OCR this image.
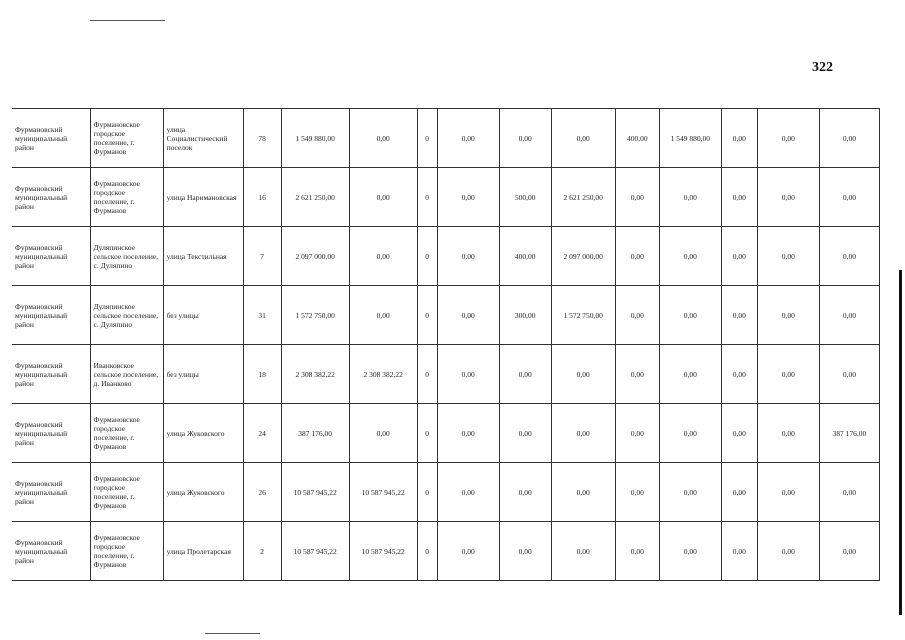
322
Фурмановский муниципальный район	Фурмановское городское поселение, г. Фурманов	улица Социалистический поселок	78	1 549 880,00	0,00	0	0,00	0,00	0,00	400,00	1 549 880,00	0,00	0,00	0,00
Фурмановский муниципальный район	Фурмановское городское поселение, г. Фурманов	улица Наримановская	16	2 621 250,00	0,00	0	0,00	500,00	2 621 250,00	0,00	0,00	0,00	0,00	0,00
Фурмановский муниципальный район	Дуляпинское сельское поселение, с. Дуляпино	улица Текстильная	7	2 097 000,00	0,00	0	0,00	400,00	2 097 000,00	0,00	0,00	0,00	0,00	0,00
Фурмановский муниципальный район	Дуляпинское сельское поселение, с. Дуляпино	без улицы	31	1 572 750,00	0,00	0	0,00	300,00	1 572 750,00	0,00	0,00	0,00	0,00	0,00
Фурмановский муниципальный район	Иванковское сельское поселение, д. Иванково	без улицы	18	2 308 382,22	2 308 382,22	0	0,00	0,00	0,00	0,00	0,00	0,00	0,00	0,00
Фурмановский муниципальный район	Фурмановское городское поселение, г. Фурманов	улица Жуковского	24	387 176,00	0,00	0	0,00	0,00	0,00	0,00	0,00	0,00	0,00	387 176,00
Фурмановский муниципальный район	Фурмановское городское поселение, г. Фурманов	улица Жуковского	26	10 587 945,22	10 587 945,22	0	0,00	0,00	0,00	0,00	0,00	0,00	0,00	0,00
Фурмановский муниципальный район	Фурмановское городское поселение, г. Фурманов	улица Пролетарская	2	10 587 945,22	10 587 945,22	0	0,00	0,00	0,00	0,00	0,00	0,00	0,00	0,00
